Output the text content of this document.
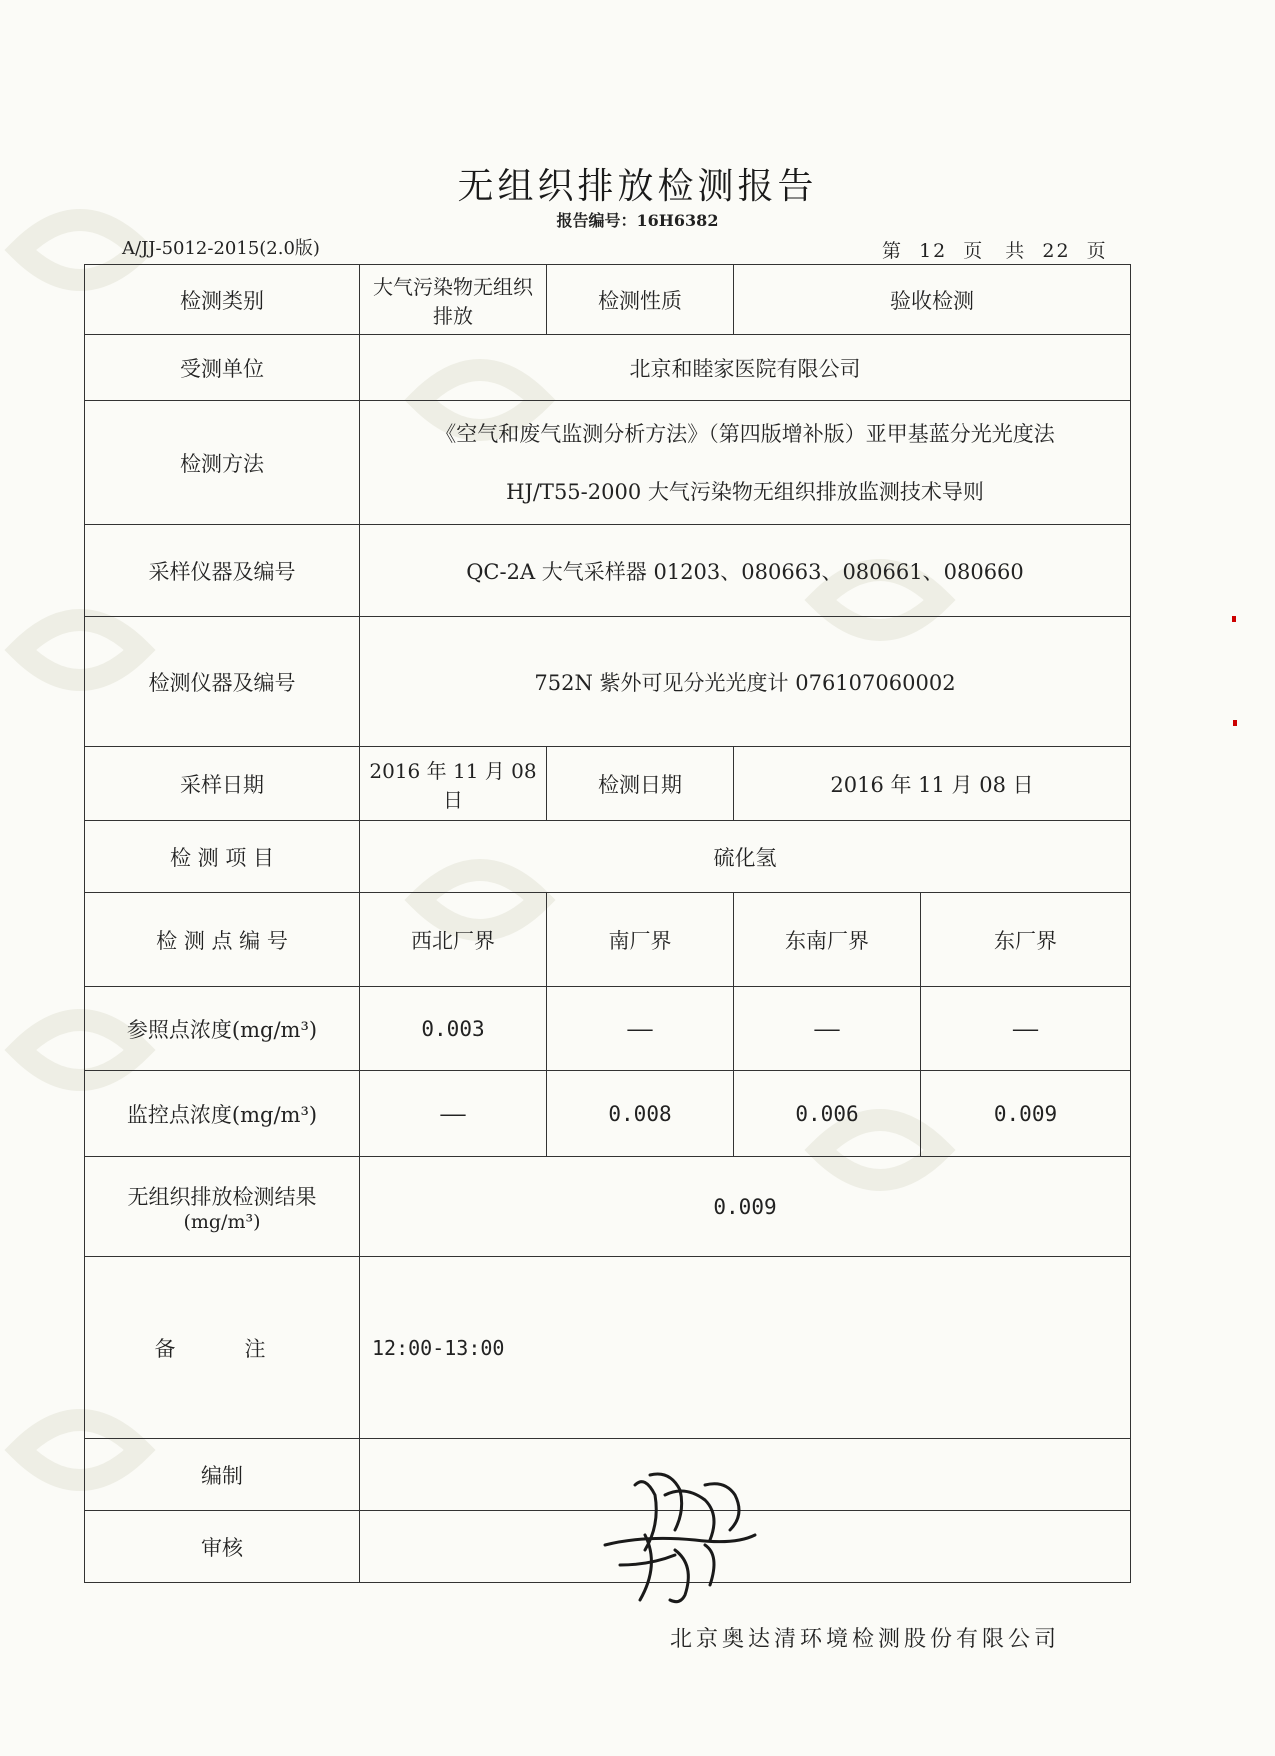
无组织排放检测报告
报告编号：16H6382
A/JJ-5012-2015(2.0版)	第 12 页　共 22 页
检测类别	大气污染物无组织排放	检测性质	验收检测	
受测单位	北京和睦家医院有限公司			
检测方法	《空气和废气监测分析方法》（第四版增补版）亚甲基蓝分光光度法
HJ/T55-2000 大气污染物无组织排放监测技术导则			

采样仪器及编号	QC-2A 大气采样器 01203、080663、080661、080660			
检测仪器及编号	752N 紫外可见分光光度计 076107060002			
采样日期	2016 年 11 月 08 日	检测日期	2016 年 11 月 08 日	
检 测 项 目	硫化氢			
检 测 点 编 号	西北厂界	南厂界	东南厂界	东厂界
参照点浓度(mg/m³)	0.003	——	——	——
监控点浓度(mg/m³)	——	0.008	0.006	0.009

无组织排放检测结果
(mg/m³)	0.009			
备　注	12:00-13:00			
编制				
审核				
北京奥达清环境检测股份有限公司
